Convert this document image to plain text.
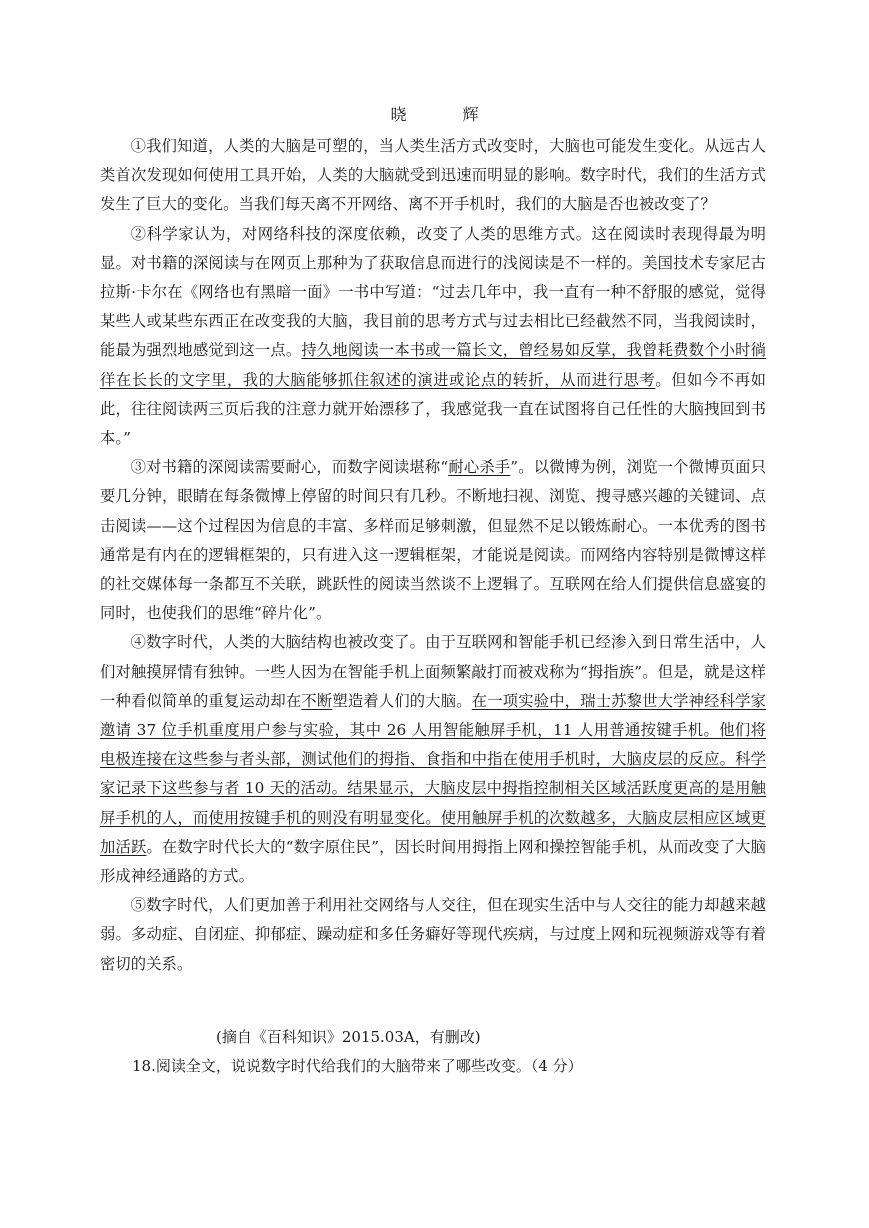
晓　辉

①我们知道，人类的大脑是可塑的，当人类生活方式改变时，大脑也可能发生变化。从远古人类首次发现如何使用工具开始，人类的大脑就受到迅速而明显的影响。数字时代，我们的生活方式发生了巨大的变化。当我们每天离不开网络、离不开手机时，我们的大脑是否也被改变了？

②科学家认为，对网络科技的深度依赖，改变了人类的思维方式。这在阅读时表现得最为明显。对书籍的深阅读与在网页上那种为了获取信息而进行的浅阅读是不一样的。美国技术专家尼古拉斯·卡尔在《网络也有黑暗一面》一书中写道：“过去几年中，我一直有一种不舒服的感觉，觉得某些人或某些东西正在改变我的大脑，我目前的思考方式与过去相比已经截然不同，当我阅读时，能最为强烈地感觉到这一点。持久地阅读一本书或一篇长文，曾经易如反掌，我曾耗费数个小时徜徉在长长的文字里，我的大脑能够抓住叙述的演进或论点的转折，从而进行思考。但如今不再如此，往往阅读两三页后我的注意力就开始漂移了，我感觉我一直在试图将自己任性的大脑拽回到书本。”

③对书籍的深阅读需要耐心，而数字阅读堪称“耐心杀手”。以微博为例，浏览一个微博页面只要几分钟，眼睛在每条微博上停留的时间只有几秒。不断地扫视、浏览、搜寻感兴趣的关键词、点击阅读——这个过程因为信息的丰富、多样而足够刺激，但显然不足以锻炼耐心。一本优秀的图书通常是有内在的逻辑框架的，只有进入这一逻辑框架，才能说是阅读。而网络内容特别是微博这样的社交媒体每一条都互不关联，跳跃性的阅读当然谈不上逻辑了。互联网在给人们提供信息盛宴的同时，也使我们的思维“碎片化”。

④数字时代，人类的大脑结构也被改变了。由于互联网和智能手机已经渗入到日常生活中，人们对触摸屏情有独钟。一些人因为在智能手机上面频繁敲打而被戏称为“拇指族”。但是，就是这样一种看似简单的重复运动却在不断塑造着人们的大脑。在一项实验中，瑞士苏黎世大学神经科学家邀请 37 位手机重度用户参与实验，其中 26 人用智能触屏手机，11 人用普通按键手机。他们将电极连接在这些参与者头部，测试他们的拇指、食指和中指在使用手机时，大脑皮层的反应。科学家记录下这些参与者 10 天的活动。结果显示，大脑皮层中拇指控制相关区域活跃度更高的是用触屏手机的人，而使用按键手机的则没有明显变化。使用触屏手机的次数越多，大脑皮层相应区域更加活跃。在数字时代长大的“数字原住民”，因长时间用拇指上网和操控智能手机，从而改变了大脑形成神经通路的方式。

⑤数字时代，人们更加善于利用社交网络与人交往，但在现实生活中与人交往的能力却越来越弱。多动症、自闭症、抑郁症、躁动症和多任务癖好等现代疾病，与过度上网和玩视频游戏等有着密切的关系。

(摘自《百科知识》2015.03A，有删改)
18.阅读全文，说说数字时代给我们的大脑带来了哪些改变。（4 分）
